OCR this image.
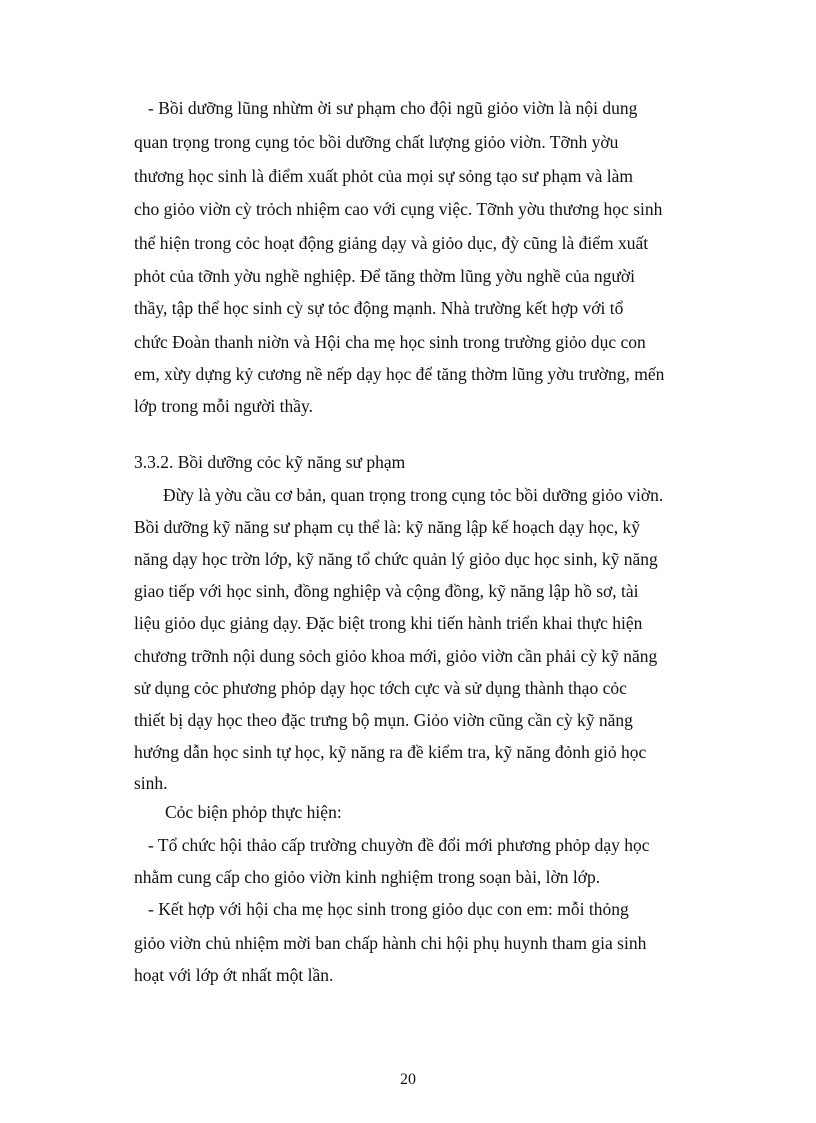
- Bồi dưỡng lũng nhừm ời sư phạm cho đội ngũ giỏo viờn là nội dung
quan trọng trong cụng tỏc bồi dưỡng chất lượng giỏo viờn. Tỡnh yờu
thương học sinh là điểm xuất phỏt của mọi sự sỏng tạo sư phạm và làm
cho giỏo viờn cỳ trỏch nhiệm cao với cụng việc. Tỡnh yờu thương học sinh
thể hiện trong cỏc hoạt động giảng dạy và giỏo dục, đỳ cũng là điểm xuất
phỏt của tỡnh yờu nghề nghiệp. Để tăng thờm lũng yờu nghề của người
thầy, tập thể học sinh cỳ sự tỏc động mạnh. Nhà trường kết hợp với tổ
chức Đoàn thanh niờn và Hội cha mẹ học sinh trong trường giỏo dục con
em, xừy dựng kỷ cương nề nếp dạy học để tăng thờm lũng yờu trường, mến
lớp trong mỗi người thầy.
3.3.2. Bồi dưỡng cỏc kỹ năng sư phạm
Đừy là yờu cầu cơ bản, quan trọng trong cụng tỏc bồi dưỡng giỏo viờn.
Bồi dưỡng kỹ năng sư phạm cụ thể là: kỹ năng lập kế hoạch dạy học, kỹ
năng dạy học trờn lớp, kỹ năng tổ chức quản lý giỏo dục học sinh, kỹ năng
giao tiếp với học sinh, đồng nghiệp và cộng đồng, kỹ năng lập hồ sơ, tài
liệu giỏo dục giảng dạy. Đặc biệt trong khi tiến hành triển khai thực hiện
chương trỡnh nội dung sỏch giỏo khoa mới, giỏo viờn cần phải cỳ kỹ năng
sử dụng cỏc phương phỏp dạy học tớch cực và sử dụng thành thạo cỏc
thiết bị dạy học theo đặc trưng bộ mụn. Giỏo viờn cũng cần cỳ kỹ năng
hướng dẫn học sinh tự học, kỹ năng ra đề kiểm tra, kỹ năng đỏnh giỏ học
sinh.
Cỏc biện phỏp thực hiện:
- Tổ chức hội thảo cấp trường chuyờn đề đổi mới phương phỏp dạy học
nhằm cung cấp cho giỏo viờn kinh nghiệm trong soạn bài, lờn lớp.
- Kết hợp với hội cha mẹ học sinh trong giỏo dục con em: mỗi thỏng
giỏo viờn chủ nhiệm mời ban chấp hành chi hội phụ huynh tham gia sinh
hoạt với lớp ớt nhất một lần.
20
